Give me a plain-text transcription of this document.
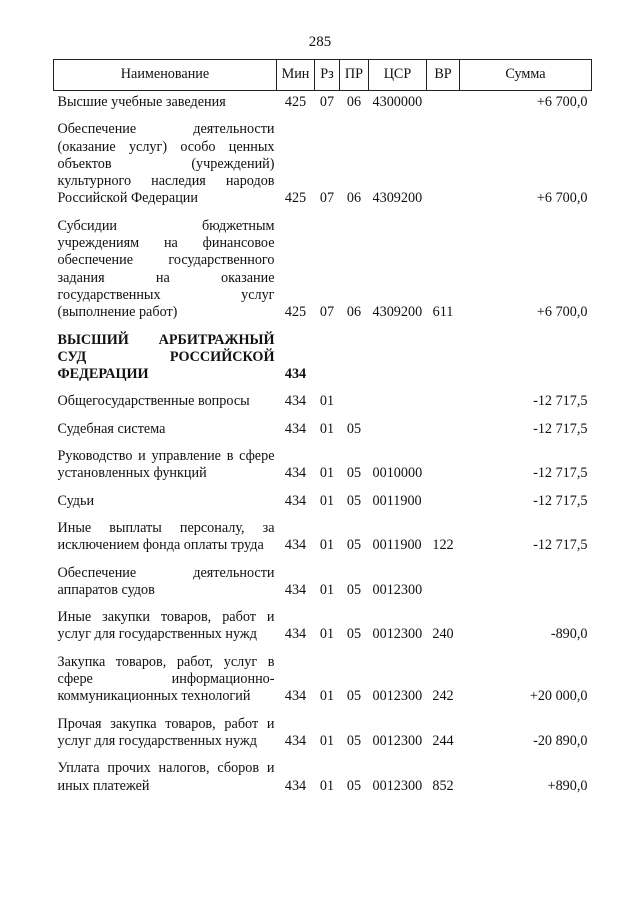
285
Наименование	Мин	Рз	ПР	ЦСР	ВР	Сумма
Высшие учебные заведения	425	07	06	4300000		+6 700,0
Обеспечение деятельности (оказание услуг) особо ценных объектов (учреждений) культурного наследия народов Российской Федерации	425	07	06	4309200		+6 700,0
Субсидии бюджетным учреждениям на финансовое обеспечение государственного задания на оказание государственных услуг (выполнение работ)	425	07	06	4309200	611	+6 700,0
ВЫСШИЙ АРБИТРАЖНЫЙ СУД РОССИЙСКОЙ ФЕДЕРАЦИИ	434					
Общегосударственные вопросы	434	01				-12 717,5
Судебная система	434	01	05			-12 717,5
Руководство и управление в сфере установленных функций	434	01	05	0010000		-12 717,5
Судьи	434	01	05	0011900		-12 717,5
Иные выплаты персоналу, за исключением фонда оплаты труда	434	01	05	0011900	122	-12 717,5
Обеспечение деятельности аппаратов судов	434	01	05	0012300		
Иные закупки товаров, работ и услуг для государственных нужд	434	01	05	0012300	240	-890,0
Закупка товаров, работ, услуг в сфере информационно-коммуникационных технологий	434	01	05	0012300	242	+20 000,0
Прочая закупка товаров, работ и услуг для государственных нужд	434	01	05	0012300	244	-20 890,0
Уплата прочих налогов, сборов и иных платежей	434	01	05	0012300	852	+890,0
